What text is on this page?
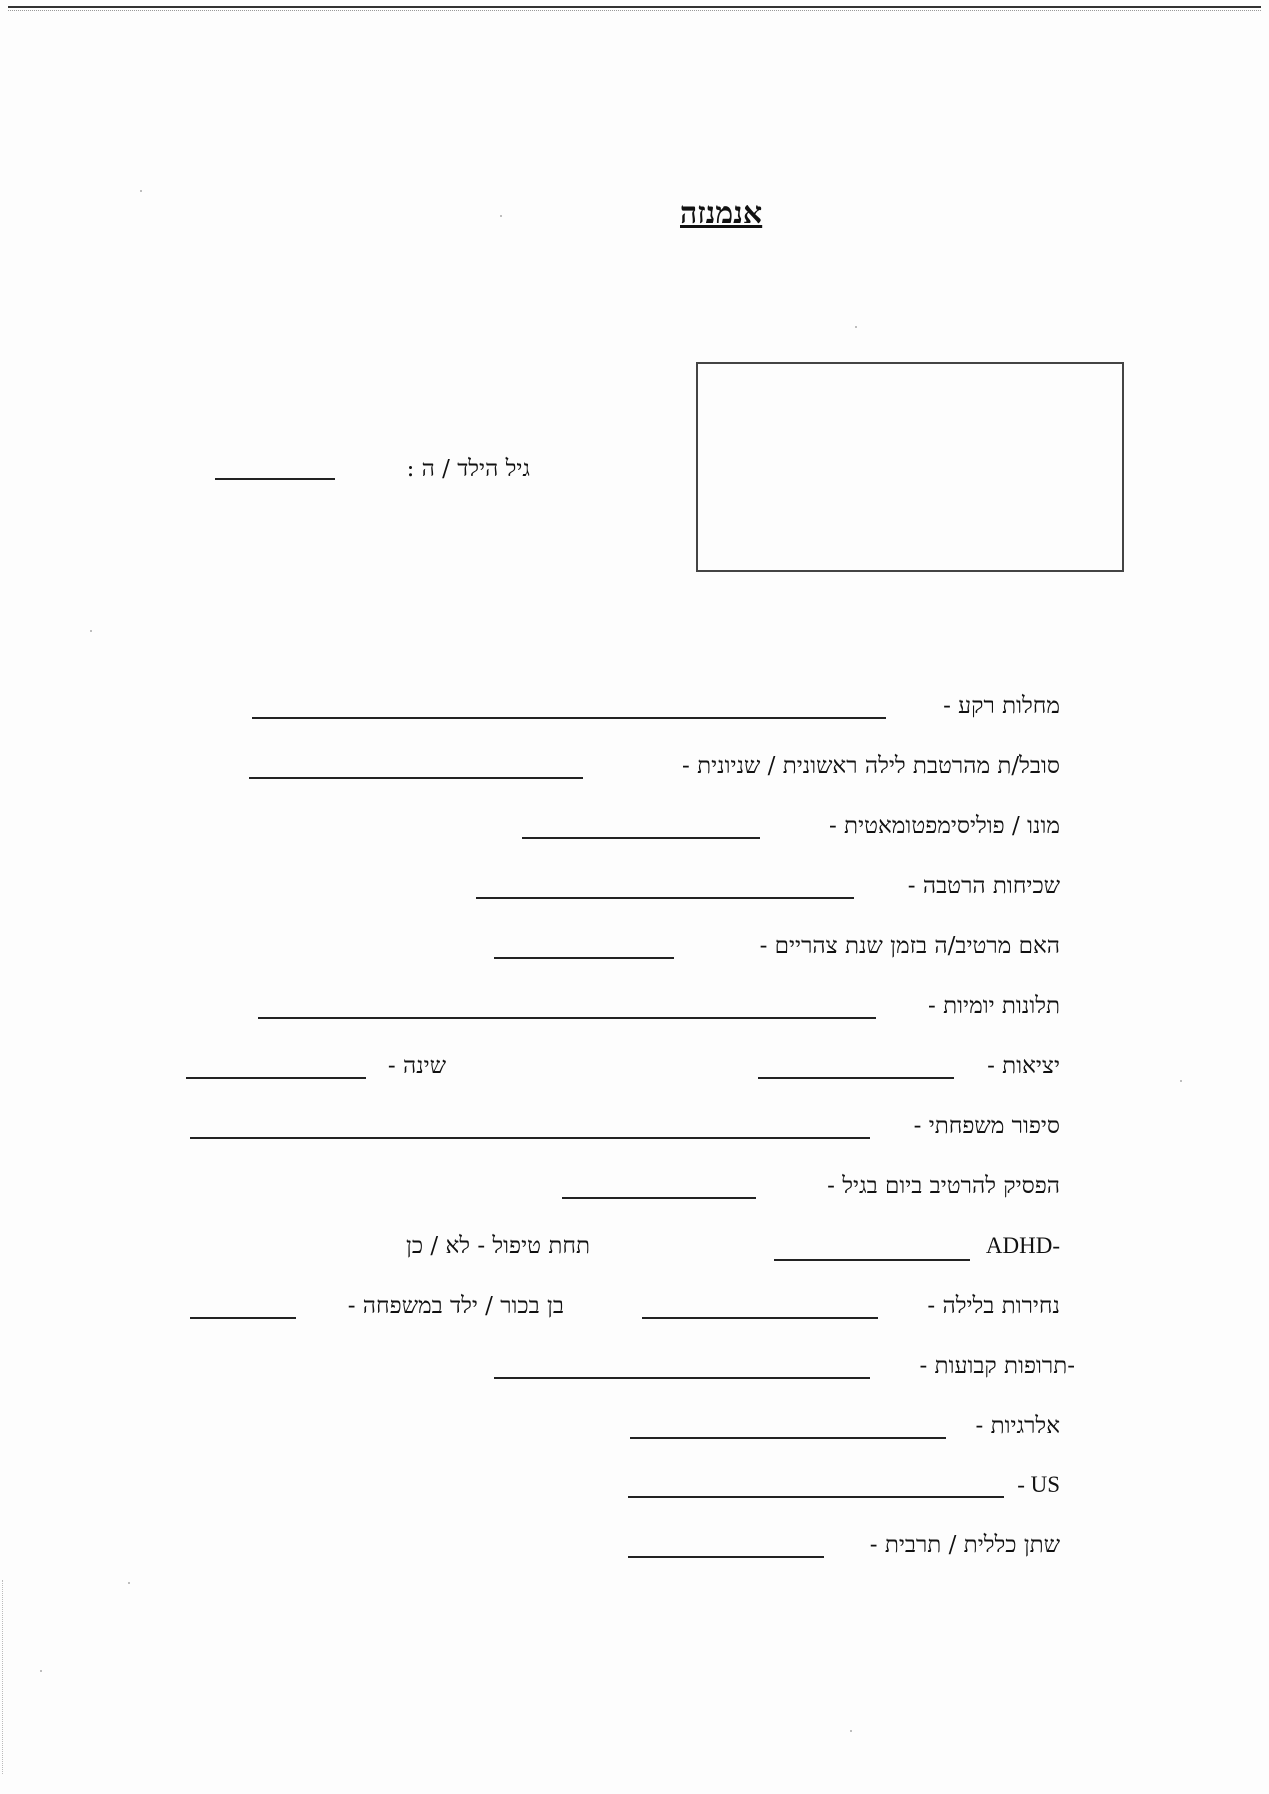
אנמנזה
גיל הילד / ה :
מחלות רקע -
סובל/ת מהרטבת לילה ראשונית / שניונית -
מונו / פוליסימפטומאטית -
שכיחות הרטבה -
האם מרטיב/ה בזמן שנת צהריים -
תלונות יומיות -
יציאות -
שינה -
סיפור משפחתי -
הפסיק להרטיב ביום בגיל -
ADHD-
תחת טיפול - לא / כן
נחירות בלילה -
בן בכור / ילד במשפחה -
-תרופות קבועות -
אלרגיות -
- US
שתן כללית / תרבית -
